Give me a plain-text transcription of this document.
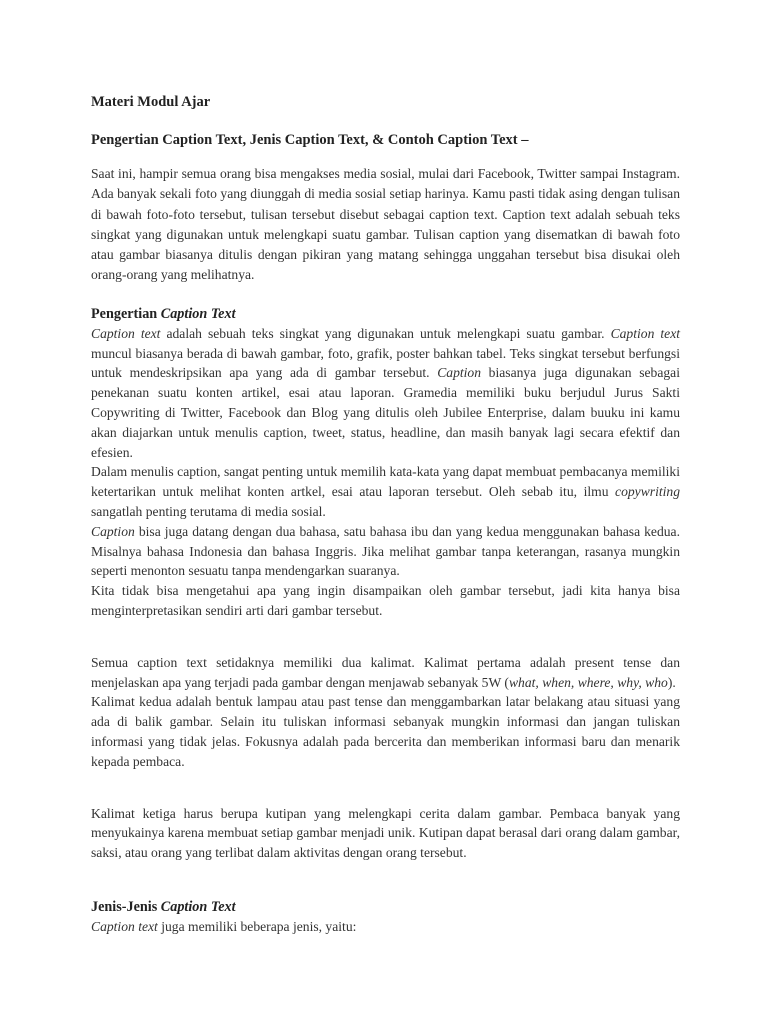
Materi Modul Ajar
Pengertian Caption Text, Jenis Caption Text, & Contoh Caption Text –

Saat ini, hampir semua orang bisa mengakses media sosial, mulai dari Facebook, Twitter sampai Instagram. Ada banyak sekali foto yang diunggah di media sosial setiap harinya. Kamu pasti tidak asing dengan tulisan di bawah foto-foto tersebut, tulisan tersebut disebut sebagai caption text. Caption text adalah sebuah teks singkat yang digunakan untuk melengkapi suatu gambar. Tulisan caption yang disematkan di bawah foto atau gambar biasanya ditulis dengan pikiran yang matang sehingga unggahan tersebut bisa disukai oleh orang-orang yang melihatnya.

Pengertian Caption Text

Caption text adalah sebuah teks singkat yang digunakan untuk melengkapi suatu gambar. Caption text muncul biasanya berada di bawah gambar, foto, grafik, poster bahkan tabel. Teks singkat tersebut berfungsi untuk mendeskripsikan apa yang ada di gambar tersebut. Caption biasanya juga digunakan sebagai penekanan suatu konten artikel, esai atau laporan. Gramedia memiliki buku berjudul Jurus Sakti Copywriting di Twitter, Facebook dan Blog yang ditulis oleh Jubilee Enterprise, dalam buuku ini kamu akan diajarkan untuk menulis caption, tweet, status, headline, dan masih banyak lagi secara efektif dan efesien.

Dalam menulis caption, sangat penting untuk memilih kata-kata yang dapat membuat pembacanya memiliki ketertarikan untuk melihat konten artkel, esai atau laporan tersebut. Oleh sebab itu, ilmu copywriting sangatlah penting terutama di media sosial.

Caption bisa juga datang dengan dua bahasa, satu bahasa ibu dan yang kedua menggunakan bahasa kedua. Misalnya bahasa Indonesia dan bahasa Inggris. Jika melihat gambar tanpa keterangan, rasanya mungkin seperti menonton sesuatu tanpa mendengarkan suaranya.

Kita tidak bisa mengetahui apa yang ingin disampaikan oleh gambar tersebut, jadi kita hanya bisa menginterpretasikan sendiri arti dari gambar tersebut.

Semua caption text setidaknya memiliki dua kalimat. Kalimat pertama adalah present tense dan menjelaskan apa yang terjadi pada gambar dengan menjawab sebanyak 5W (what, when, where, why, who).

Kalimat kedua adalah bentuk lampau atau past tense dan menggambarkan latar belakang atau situasi yang ada di balik gambar. Selain itu tuliskan informasi sebanyak mungkin informasi dan jangan tuliskan informasi yang tidak jelas. Fokusnya adalah pada bercerita dan memberikan informasi baru dan menarik kepada pembaca.

Kalimat ketiga harus berupa kutipan yang melengkapi cerita dalam gambar. Pembaca banyak yang menyukainya karena membuat setiap gambar menjadi unik. Kutipan dapat berasal dari orang dalam gambar, saksi, atau orang yang terlibat dalam aktivitas dengan orang tersebut.

Jenis-Jenis Caption Text

Caption text juga memiliki beberapa jenis, yaitu:
